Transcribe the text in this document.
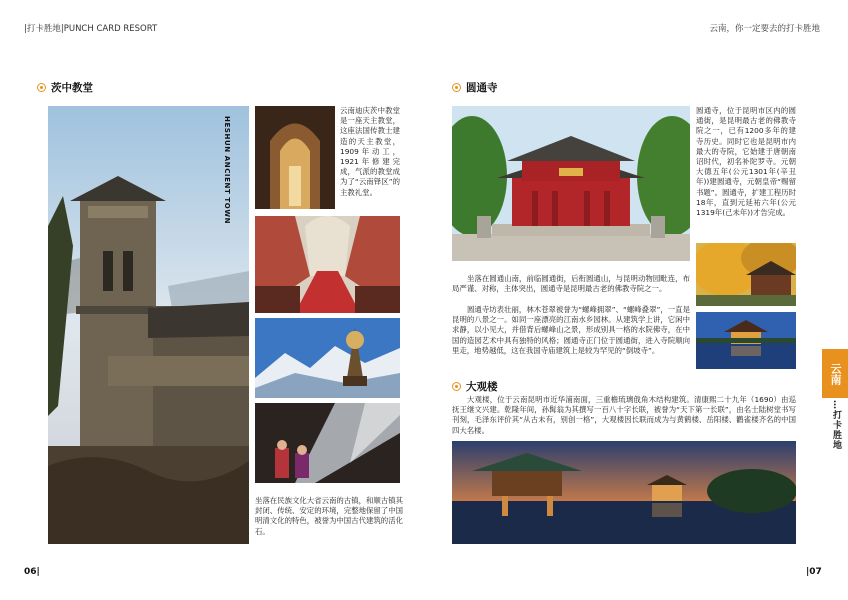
|打卡胜地|PUNCH CARD RESORT	云南，你一定要去的打卡胜地
茨中教堂
HESHUN ANCIENT TOWN
云南迪庆茨中教堂是一座天主教堂，这座法国传教士建造的天主教堂，1909年动工，1921年修建完成，气派的教堂成为了“云南铎区”的主教礼堂。
坐落在民族文化大省云南的古镇，和顺古镇其封闭、传统、安定的环境，完整地保留了中国明清文化的特色，被誉为中国古代建筑的活化石。
06|
圆通寺
圆通寺，位于昆明市区内的圆通街，是昆明最古老的佛教寺院之一，已有1200多年的建寺历史。同时它也是昆明市内最大的寺院，它始建于唐朝南诏时代，初名补陀罗寺。元朝大德五年(公元1301年(辛丑年))建圆通寺，元朝皇帝“赐留书题”。圆通寺，扩建工程历时18年，直到元延祐六年(公元1319年(己未年))才告完成。
坐落在圆通山南，前临圆通街，后衔圆通山，与昆明动物园毗连，布局严谨、对称，主体突出，圆通寺是昆明最古老的佛教寺院之一。
圆通寺坊表壮丽，林木苍翠被誉为“螺峰拥翠”、“螺峰叠翠”，一直是昆明的八景之一。如同一座漂亮的江南水乡园林。从建筑学上讲，它闲中求静，以小见大，并借背后螺峰山之景，形成别具一格的水院佛寺，在中国的造园艺术中具有独特的风格；圆通寺正门位于圆通街，进入寺院顺向里走，地势越低，这在我国寺庙建筑上是较为罕见的“倒坡寺”。
大观楼
大观楼，位于云南昆明市近华浦南面，三重檐琉璃戗角木结构建筑。清康熙二十九年（1690）由巡抚王继文兴建。乾隆年间，孙髯翁为其撰写一百八十字长联，被誉为“天下第一长联”，由名士陆树堂书写刊刻，毛泽东评价其“从古未有，别创一格”，大观楼因长联而成为与黄鹤楼、岳阳楼、鹳雀楼齐名的中国四大名楼。
云南
…打卡胜地
|07
